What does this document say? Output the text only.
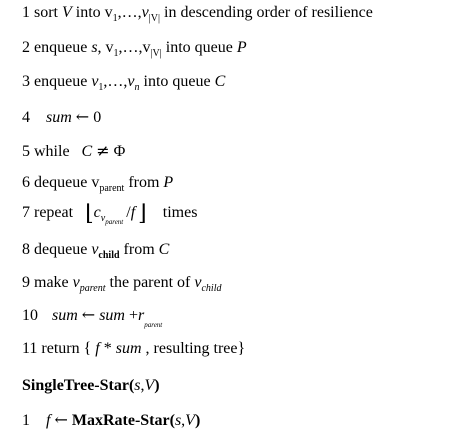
1 sort V into $v_1,\dots,v_{|V|}$ in descending order of resilience
2 enqueue s, $v_1,\dots,v_{|V|}$ into queue P
3 enqueue $v_1,\dots,v_n$ into queue C
4 sum ← 0
5 while C ≠ Φ
6 dequeue $v_{parent}$ from P
7 repeat $⌊c_{vparent}/f$ ⌋ times
8 dequeue $v_{child}$ from C
9 make $v_{parent}$ the parent of $v_{child}$
10 sum ← sum $+r_{parent}$
11 return { f * sum , resulting tree}
SingleTree-Star(s,V)
1 f ← MaxRate-Star(s,V)
